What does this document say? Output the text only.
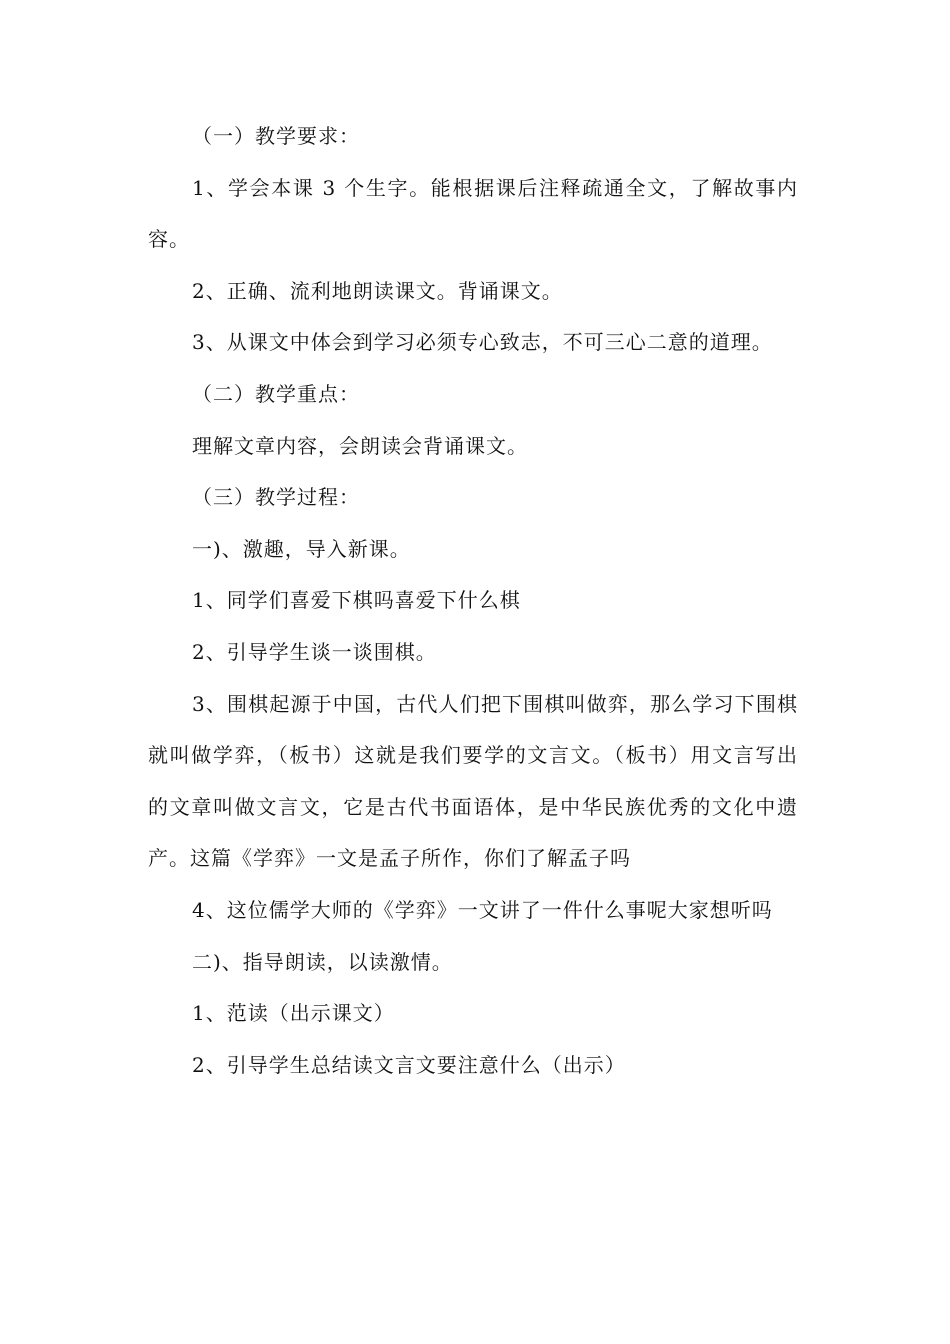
（一）教学要求：

1、学会本课 3 个生字。能根据课后注释疏通全文，了解故事内容。

2、正确、流利地朗读课文。背诵课文。

3、从课文中体会到学习必须专心致志，不可三心二意的道理。

（二）教学重点：

理解文章内容，会朗读会背诵课文。

（三）教学过程：

一)、激趣，导入新课。

1、同学们喜爱下棋吗喜爱下什么棋

2、引导学生谈一谈围棋。

3、围棋起源于中国，古代人们把下围棋叫做弈，那么学习下围棋就叫做学弈，（板书）这就是我们要学的文言文。（板书）用文言写出的文章叫做文言文，它是古代书面语体，是中华民族优秀的文化中遗产。这篇《学弈》一文是孟子所作，你们了解孟子吗

4、这位儒学大师的《学弈》一文讲了一件什么事呢大家想听吗

二)、指导朗读，以读激情。

1、范读（出示课文）

2、引导学生总结读文言文要注意什么（出示）
